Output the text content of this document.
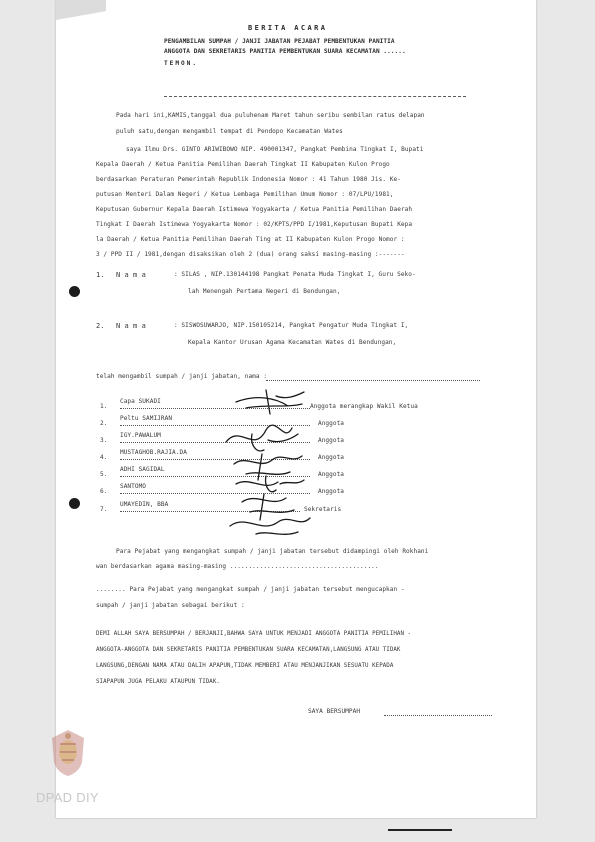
BERITA ACARA
PENGAMBILAN SUMPAH / JANJI JABATAN PEJABAT PEMBENTUKAN PANITIA
ANGGOTA DAN SEKRETARIS PANITIA PEMBENTUKAN SUARA KECAMATAN ......
TEMON.
Pada hari ini,KAMIS,tanggal dua puluhenam Maret tahun seribu sembilan ratus delapan
puluh satu,dengan mengambil tempat di Pendopo Kecamatan Wates
saya Ilmu Drs. GINTO ARIWIBOWO NIP. 490001347, Pangkat Pembina Tingkat I, Bupati
Kepala Daerah / Ketua Panitia Pemilihan Daerah Tingkat II Kabupaten Kulon Progo
berdasarkan Peraturan Pemerintah Republik Indonesia Nomor : 41 Tahun 1980 Jis. Ke-
putusan Menteri Dalam Negeri / Ketua Lembaga Pemilihan Umum Nomor : 07/LPU/1981,
Keputusan Gubernur Kepala Daerah Istimewa Yogyakarta / Ketua Panitia Pemilihan Daerah
Tingkat I Daerah Istimewa Yogyakarta Nomor : 02/KPTS/PPD I/1981,Keputusan Bupati Kepa
la Daerah / Ketua Panitia Pemilihan Daerah Ting at II Kabupaten Kulon Progo Nomor :
3 / PPD II / 1981,dengan disaksikan oleh 2 (dua) orang saksi masing-masing :-------
1. N a m a	: SILAS , NIP.130144198 Pangkat Penata Muda Tingkat I, Guru Seko-
lah Menengah Pertama Negeri di Bendungan,
2. N a m a	: SISWOSUWARJO, NIP.150105214, Pangkat Pengatur Muda Tingkat I,
Kepala Kantor Urusan Agama Kecamatan Wates di Bendungan,
telah mengambil sumpah / janji jabatan, nama :
1.
Capa SUKADI
Anggota merangkap Wakil Ketua
2.
Peltu SAMIJRAN
Anggota
3.
IGY.PAWALUM
Anggota
4.
MUSTAGHOB.RAJIA.DA
Anggota
5.
ADHI SAGIDAL
Anggota
6.
SANTOMO
Anggota
7.
UMAYEDIN, BBA
Sekretaris
Para Pejabat yang mengangkat sumpah / janji jabatan tersebut didampingi oleh Rokhani
wan berdasarkan agama masing-masing ........................................
........ Para Pejabat yang mengangkat sumpah / janji jabatan tersebut mengucapkan -
sumpah / janji jabatan sebagai berikut :
DEMI ALLAH SAYA BERSUMPAH / BERJANJI,BAHWA SAYA UNTUK MENJADI ANGGOTA PANITIA PEMILIHAN -
ANGGOTA-ANGGOTA DAN SEKRETARIS PANITIA PEMBENTUKAN SUARA KECAMATAN,LANGSUNG ATAU TIDAK
LANGSUNG,DENGAN NAMA ATAU DALIH APAPUN,TIDAK MEMBERI ATAU MENJANJIKAN SESUATU KEPADA
SIAPAPUN JUGA PELAKU ATAUPUN TIDAK.
SAYA BERSUMPAH
DPAD DIY
